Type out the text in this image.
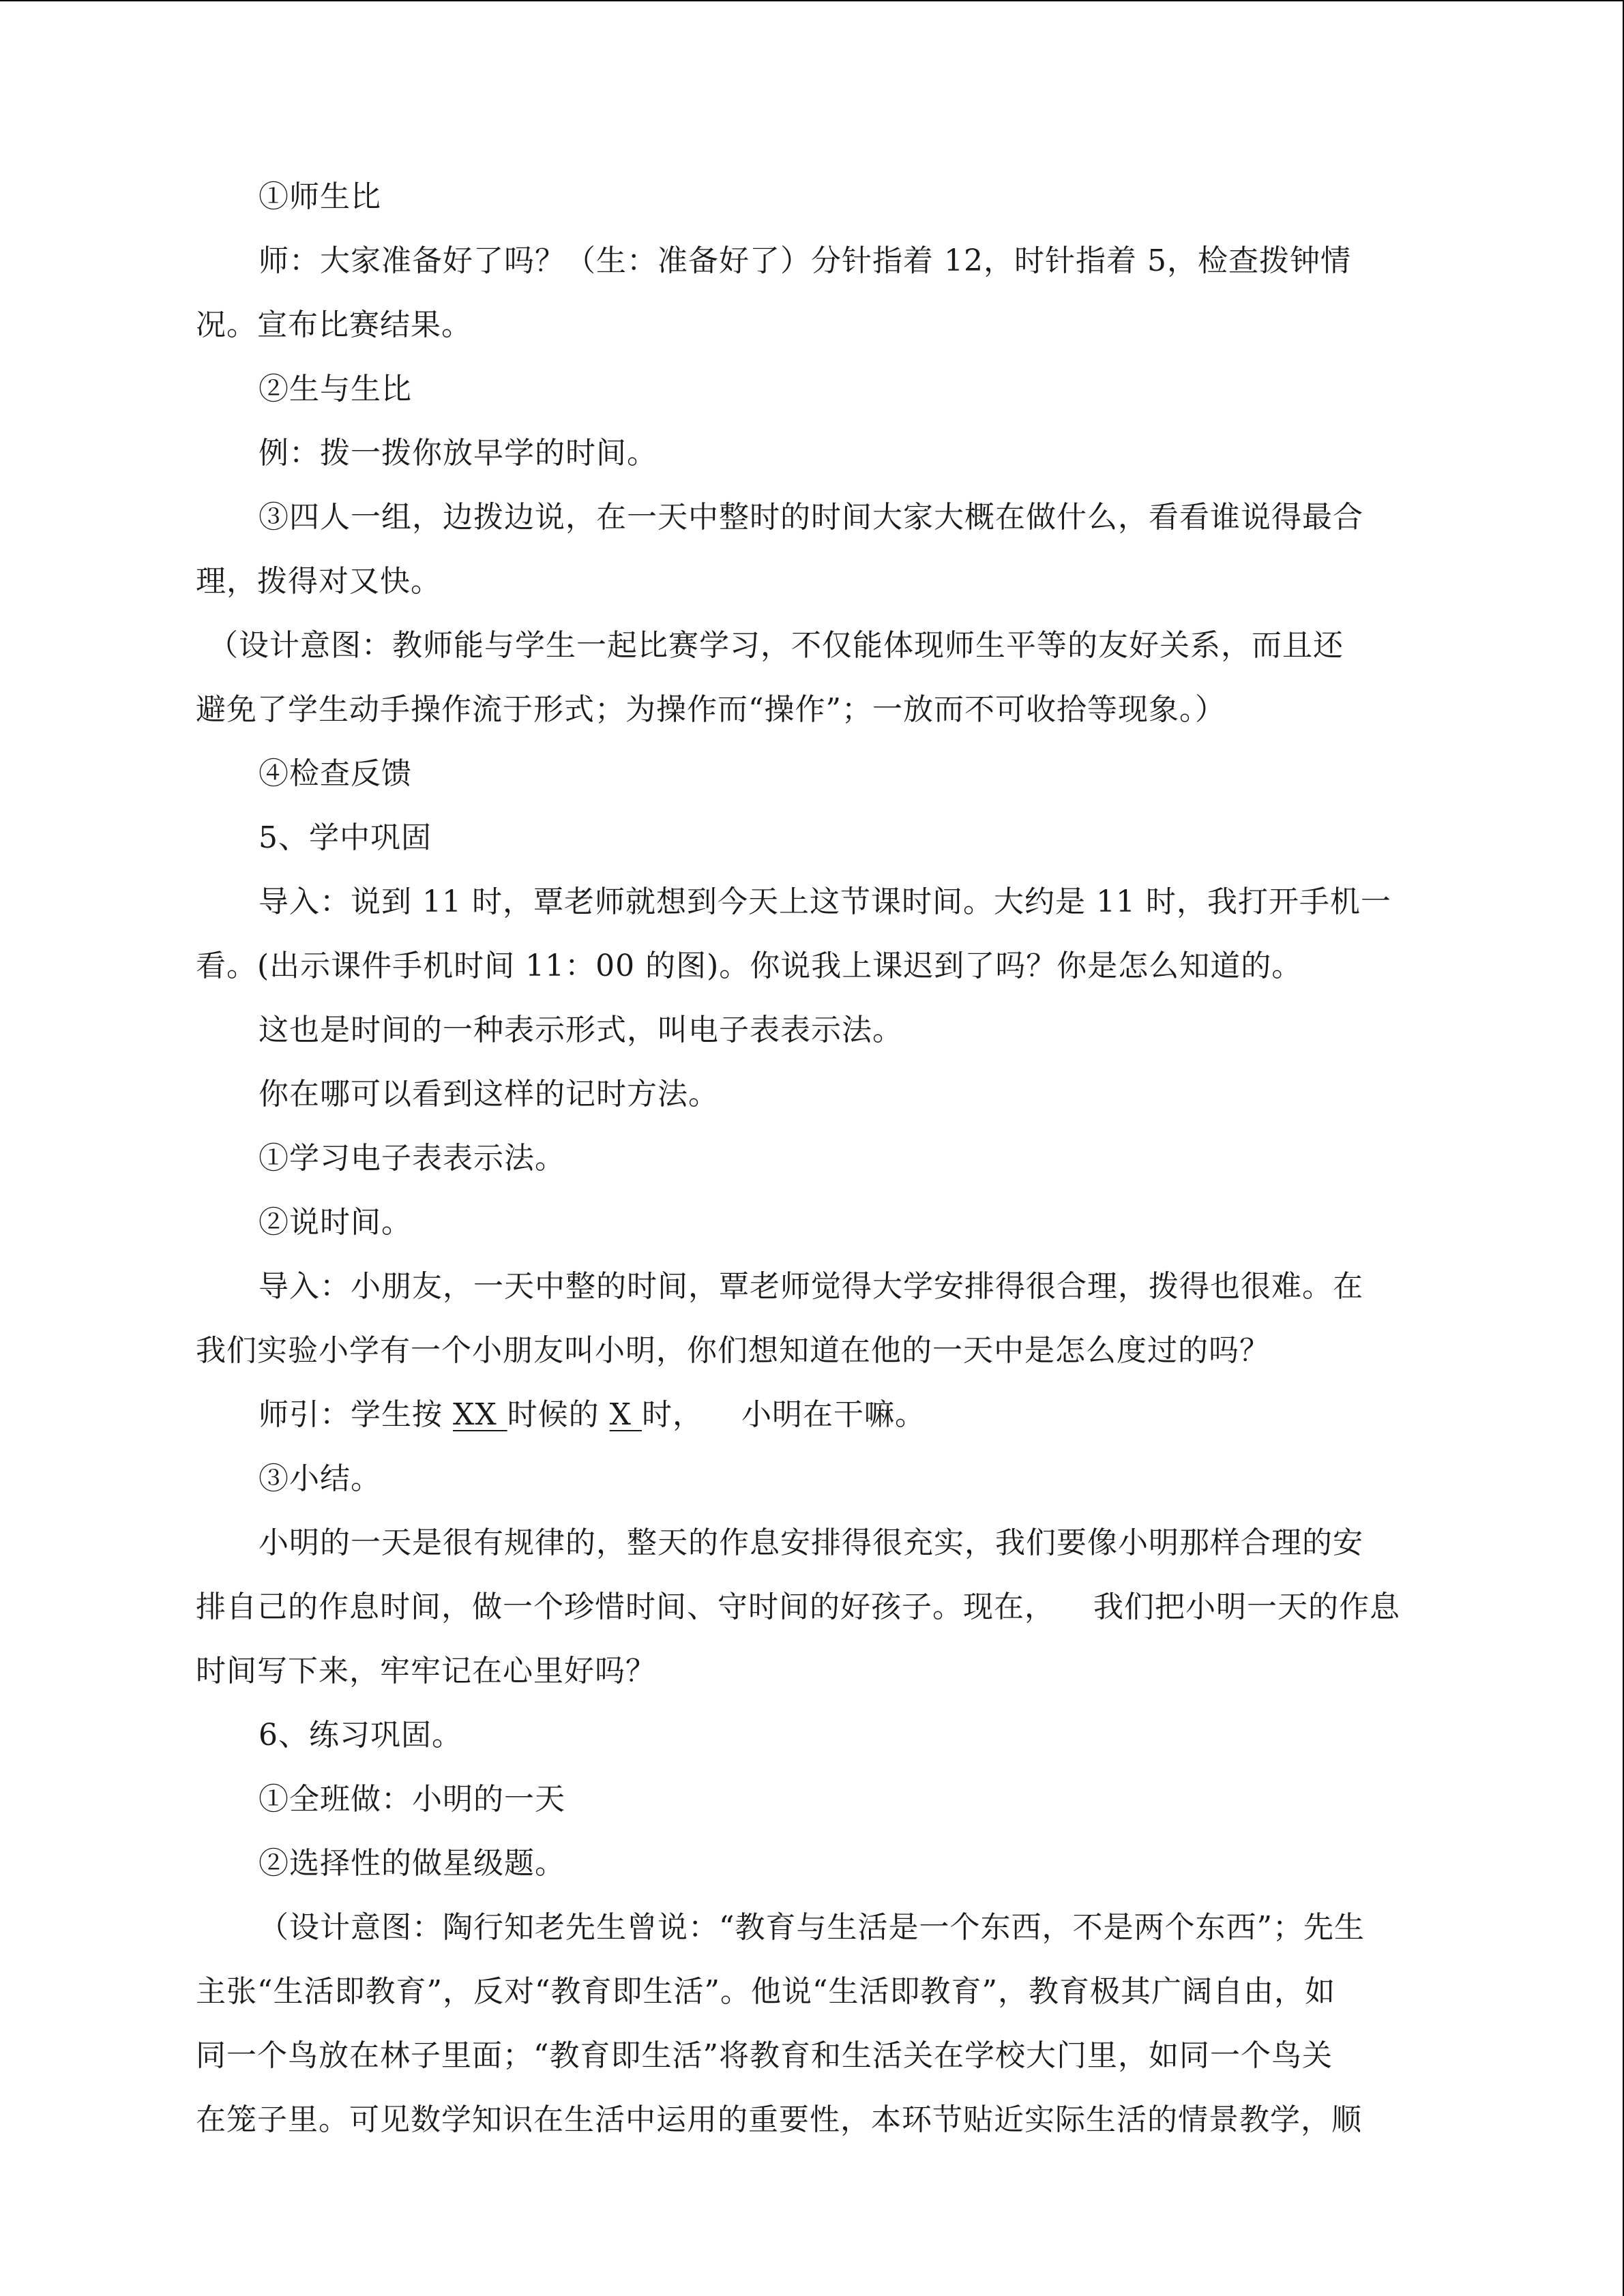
①师生比
师：大家准备好了吗？（生：准备好了）分针指着 12，时针指着 5，检查拨钟情
况。宣布比赛结果。
②生与生比
例：拨一拨你放早学的时间。
③四人一组，边拨边说，在一天中整时的时间大家大概在做什么，看看谁说得最合
理，拨得对又快。
（设计意图：教师能与学生一起比赛学习，不仅能体现师生平等的友好关系，而且还
避免了学生动手操作流于形式；为操作而“操作”；一放而不可收拾等现象。）
④检查反馈
5、学中巩固
导入：说到 11 时，覃老师就想到今天上这节课时间。大约是 11 时，我打开手机一
看。(出示课件手机时间 11：00 的图)。你说我上课迟到了吗？你是怎么知道的。
这也是时间的一种表示形式，叫电子表表示法。
你在哪可以看到这样的记时方法。
①学习电子表表示法。
②说时间。
导入：小朋友，一天中整的时间，覃老师觉得大学安排得很合理，拨得也很难。在
我们实验小学有一个小朋友叫小明，你们想知道在他的一天中是怎么度过的吗？
师引：学生按 XX 时候的 X 时， 小明在干嘛。
③小结。
小明的一天是很有规律的，整天的作息安排得很充实，我们要像小明那样合理的安
排自己的作息时间，做一个珍惜时间、守时间的好孩子。现在， 我们把小明一天的作息
时间写下来，牢牢记在心里好吗？
6、练习巩固。
①全班做：小明的一天
②选择性的做星级题。
（设计意图：陶行知老先生曾说：“教育与生活是一个东西，不是两个东西”；先生
主张“生活即教育”，反对“教育即生活”。他说“生活即教育”，教育极其广阔自由，如
同一个鸟放在林子里面；“教育即生活”将教育和生活关在学校大门里，如同一个鸟关
在笼子里。可见数学知识在生活中运用的重要性，本环节贴近实际生活的情景教学，顺
